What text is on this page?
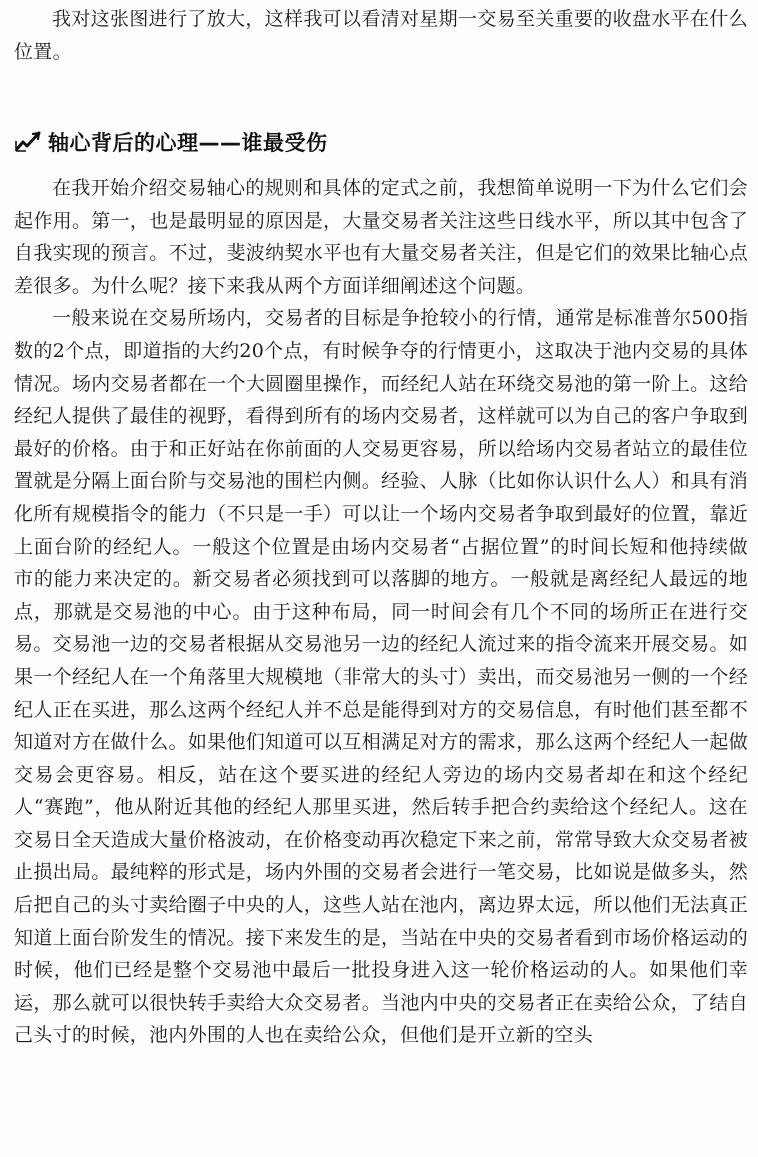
我对这张图进行了放大，这样我可以看清对星期一交易至关重要的收盘水平在什么位置。

轴心背后的心理——谁最受伤

在我开始介绍交易轴心的规则和具体的定式之前，我想简单说明一下为什么它们会起作用。第一，也是最明显的原因是，大量交易者关注这些日线水平，所以其中包含了自我实现的预言。不过，斐波纳契水平也有大量交易者关注，但是它们的效果比轴心点差很多。为什么呢？接下来我从两个方面详细阐述这个问题。

一般来说在交易所场内，交易者的目标是争抢较小的行情，通常是标准普尔500指数的2个点，即道指的大约20个点，有时候争夺的行情更小，这取决于池内交易的具体情况。场内交易者都在一个大圆圈里操作，而经纪人站在环绕交易池的第一阶上。这给经纪人提供了最佳的视野，看得到所有的场内交易者，这样就可以为自己的客户争取到最好的价格。由于和正好站在你前面的人交易更容易，所以给场内交易者站立的最佳位置就是分隔上面台阶与交易池的围栏内侧。经验、人脉（比如你认识什么人）和具有消化所有规模指令的能力（不只是一手）可以让一个场内交易者争取到最好的位置，靠近上面台阶的经纪人。一般这个位置是由场内交易者“占据位置”的时间长短和他持续做市的能力来决定的。新交易者必须找到可以落脚的地方。一般就是离经纪人最远的地点，那就是交易池的中心。由于这种布局，同一时间会有几个不同的场所正在进行交易。交易池一边的交易者根据从交易池另一边的经纪人流过来的指令流来开展交易。如果一个经纪人在一个角落里大规模地（非常大的头寸）卖出，而交易池另一侧的一个经纪人正在买进，那么这两个经纪人并不总是能得到对方的交易信息，有时他们甚至都不知道对方在做什么。如果他们知道可以互相满足对方的需求，那么这两个经纪人一起做交易会更容易。相反，站在这个要买进的经纪人旁边的场内交易者却在和这个经纪人“赛跑”，他从附近其他的经纪人那里买进，然后转手把合约卖给这个经纪人。这在交易日全天造成大量价格波动，在价格变动再次稳定下来之前，常常导致大众交易者被止损出局。最纯粹的形式是，场内外围的交易者会进行一笔交易，比如说是做多头，然后把自己的头寸卖给圈子中央的人，这些人站在池内，离边界太远，所以他们无法真正知道上面台阶发生的情况。接下来发生的是，当站在中央的交易者看到市场价格运动的时候，他们已经是整个交易池中最后一批投身进入这一轮价格运动的人。如果他们幸运，那么就可以很快转手卖给大众交易者。当池内中央的交易者正在卖给公众，了结自己头寸的时候，池内外围的人也在卖给公众，但他们是开立新的空头
